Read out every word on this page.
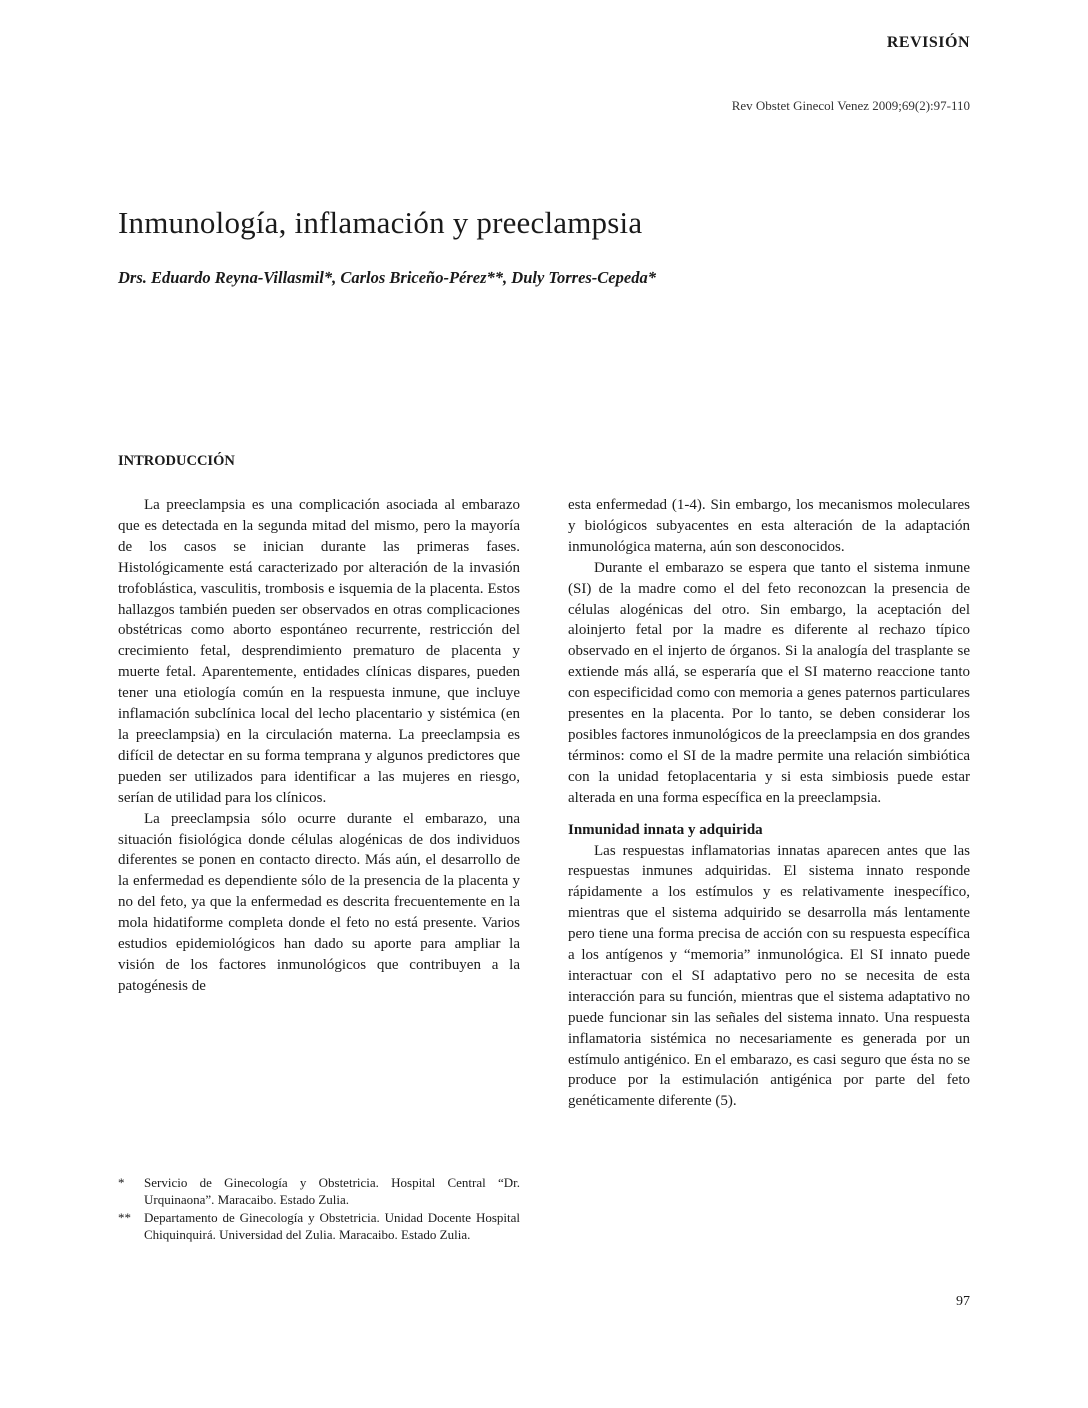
REVISIÓN
Rev Obstet Ginecol Venez 2009;69(2):97-110
Inmunología, inflamación y preeclampsia
Drs. Eduardo Reyna-Villasmil*, Carlos Briceño-Pérez**, Duly Torres-Cepeda*
INTRODUCCIÓN

La preeclampsia es una complicación asociada al embarazo que es detectada en la segunda mitad del mismo, pero la mayoría de los casos se inician durante las primeras fases. Histológicamente está caracterizado por alteración de la invasión trofoblástica, vasculitis, trombosis e isquemia de la placenta. Estos hallazgos también pueden ser observados en otras complicaciones obstétricas como aborto espontáneo recurrente, restricción del crecimiento fetal, desprendimiento prematuro de placenta y muerte fetal. Aparentemente, entidades clínicas dispares, pueden tener una etiología común en la respuesta inmune, que incluye inflamación subclínica local del lecho placentario y sistémica (en la preeclampsia) en la circulación materna. La preeclampsia es difícil de detectar en su forma temprana y algunos predictores que pueden ser utilizados para identificar a las mujeres en riesgo, serían de utilidad para los clínicos.

La preeclampsia sólo ocurre durante el embarazo, una situación fisiológica donde células alogénicas de dos individuos diferentes se ponen en contacto directo. Más aún, el desarrollo de la enfermedad es dependiente sólo de la presencia de la placenta y no del feto, ya que la enfermedad es descrita frecuentemente en la mola hidatiforme completa donde el feto no está presente. Varios estudios epidemiológicos han dado su aporte para ampliar la visión de los factores inmunológicos que contribuyen a la patogénesis de

esta enfermedad (1-4). Sin embargo, los mecanismos moleculares y biológicos subyacentes en esta alteración de la adaptación inmunológica materna, aún son desconocidos.

Durante el embarazo se espera que tanto el sistema inmune (SI) de la madre como el del feto reconozcan la presencia de células alogénicas del otro. Sin embargo, la aceptación del aloinjerto fetal por la madre es diferente al rechazo típico observado en el injerto de órganos. Si la analogía del trasplante se extiende más allá, se esperaría que el SI materno reaccione tanto con especificidad como con memoria a genes paternos particulares presentes en la placenta. Por lo tanto, se deben considerar los posibles factores inmunológicos de la preeclampsia en dos grandes términos: como el SI de la madre permite una relación simbiótica con la unidad fetoplacentaria y si esta simbiosis puede estar alterada en una forma específica en la preeclampsia.

Inmunidad innata y adquirida

Las respuestas inflamatorias innatas aparecen antes que las respuestas inmunes adquiridas. El sistema innato responde rápidamente a los estímulos y es relativamente inespecífico, mientras que el sistema adquirido se desarrolla más lentamente pero tiene una forma precisa de acción con su respuesta específica a los antígenos y “memoria” inmunológica. El SI innato puede interactuar con el SI adaptativo pero no se necesita de esta interacción para su función, mientras que el sistema adaptativo no puede funcionar sin las señales del sistema innato. Una respuesta inflamatoria sistémica no necesariamente es generada por un estímulo antigénico. En el embarazo, es casi seguro que ésta no se produce por la estimulación antigénica por parte del feto genéticamente diferente (5).

*	Servicio de Ginecología y Obstetricia. Hospital Central “Dr. Urquinaona”. Maracaibo. Estado Zulia.
**	Departamento de Ginecología y Obstetricia. Unidad Docente Hospital Chiquinquirá. Universidad del Zulia. Maracaibo. Estado Zulia.
97
